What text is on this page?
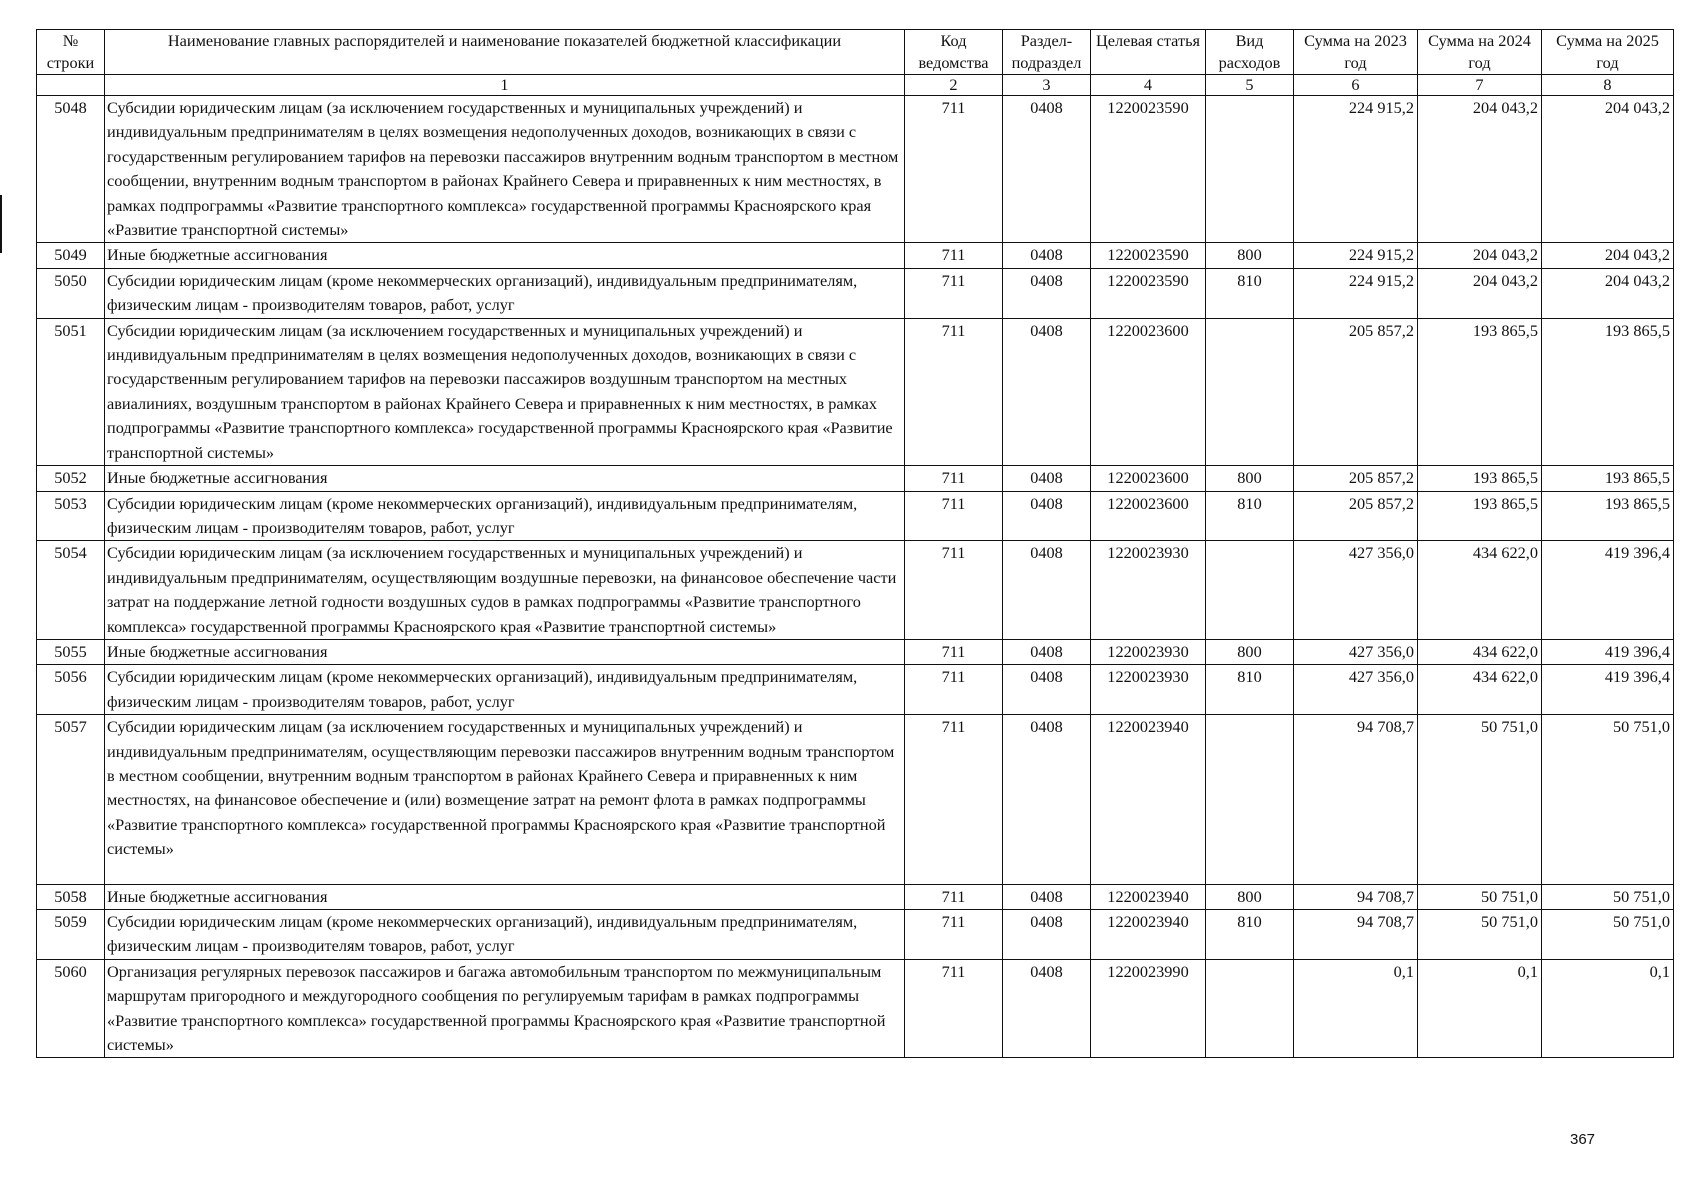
№ строки	Наименование главных распорядителей и наименование показателей бюджетной классификации	Код ведомства	Раздел-подраздел	Целевая статья	Вид расходов	Сумма на 2023 год	Сумма на 2024 год	Сумма на 2025 год
	1	2	3	4	5	6	7	8
5048	Субсидии юридическим лицам (за исключением государственных и муниципальных учреждений) и индивидуальным предпринимателям в целях возмещения недополученных доходов, возникающих в связи с государственным регулированием тарифов на перевозки пассажиров внутренним водным транспортом в местном сообщении, внутренним водным транспортом в районах Крайнего Севера и приравненных к ним местностях, в рамках подпрограммы «Развитие транспортного комплекса» государственной программы Красноярского края «Развитие транспортной системы»	711	0408	1220023590		224 915,2	204 043,2	204 043,2
5049	Иные бюджетные ассигнования	711	0408	1220023590	800	224 915,2	204 043,2	204 043,2
5050	Субсидии юридическим лицам (кроме некоммерческих организаций), индивидуальным предпринимателям, физическим лицам - производителям товаров, работ, услуг	711	0408	1220023590	810	224 915,2	204 043,2	204 043,2
5051	Субсидии юридическим лицам (за исключением государственных и муниципальных учреждений) и индивидуальным предпринимателям в целях возмещения недополученных доходов, возникающих в связи с государственным регулированием тарифов на перевозки пассажиров воздушным транспортом на местных авиалиниях, воздушным транспортом в районах Крайнего Севера и приравненных к ним местностях, в рамках подпрограммы «Развитие транспортного комплекса» государственной программы Красноярского края «Развитие транспортной системы»	711	0408	1220023600		205 857,2	193 865,5	193 865,5
5052	Иные бюджетные ассигнования	711	0408	1220023600	800	205 857,2	193 865,5	193 865,5
5053	Субсидии юридическим лицам (кроме некоммерческих организаций), индивидуальным предпринимателям, физическим лицам - производителям товаров, работ, услуг	711	0408	1220023600	810	205 857,2	193 865,5	193 865,5
5054	Субсидии юридическим лицам (за исключением государственных и муниципальных учреждений) и индивидуальным предпринимателям, осуществляющим воздушные перевозки, на финансовое обеспечение части затрат на поддержание летной годности воздушных судов в рамках подпрограммы «Развитие транспортного комплекса» государственной программы Красноярского края «Развитие транспортной системы»	711	0408	1220023930		427 356,0	434 622,0	419 396,4
5055	Иные бюджетные ассигнования	711	0408	1220023930	800	427 356,0	434 622,0	419 396,4
5056	Субсидии юридическим лицам (кроме некоммерческих организаций), индивидуальным предпринимателям, физическим лицам - производителям товаров, работ, услуг	711	0408	1220023930	810	427 356,0	434 622,0	419 396,4
5057	Субсидии юридическим лицам (за исключением государственных и муниципальных учреждений) и индивидуальным предпринимателям, осуществляющим перевозки пассажиров внутренним водным транспортом в местном сообщении, внутренним водным транспортом в районах Крайнего Севера и приравненных к ним местностях, на финансовое обеспечение и (или) возмещение затрат на ремонт флота в рамках подпрограммы «Развитие транспортного комплекса» государственной программы Красноярского края «Развитие транспортной системы»	711	0408	1220023940		94 708,7	50 751,0	50 751,0
5058	Иные бюджетные ассигнования	711	0408	1220023940	800	94 708,7	50 751,0	50 751,0
5059	Субсидии юридическим лицам (кроме некоммерческих организаций), индивидуальным предпринимателям, физическим лицам - производителям товаров, работ, услуг	711	0408	1220023940	810	94 708,7	50 751,0	50 751,0
5060	Организация регулярных перевозок пассажиров и багажа автомобильным транспортом по межмуниципальным маршрутам пригородного и междугородного сообщения по регулируемым тарифам в рамках подпрограммы «Развитие транспортного комплекса» государственной программы Красноярского края «Развитие транспортной системы»	711	0408	1220023990		0,1	0,1	0,1
367
